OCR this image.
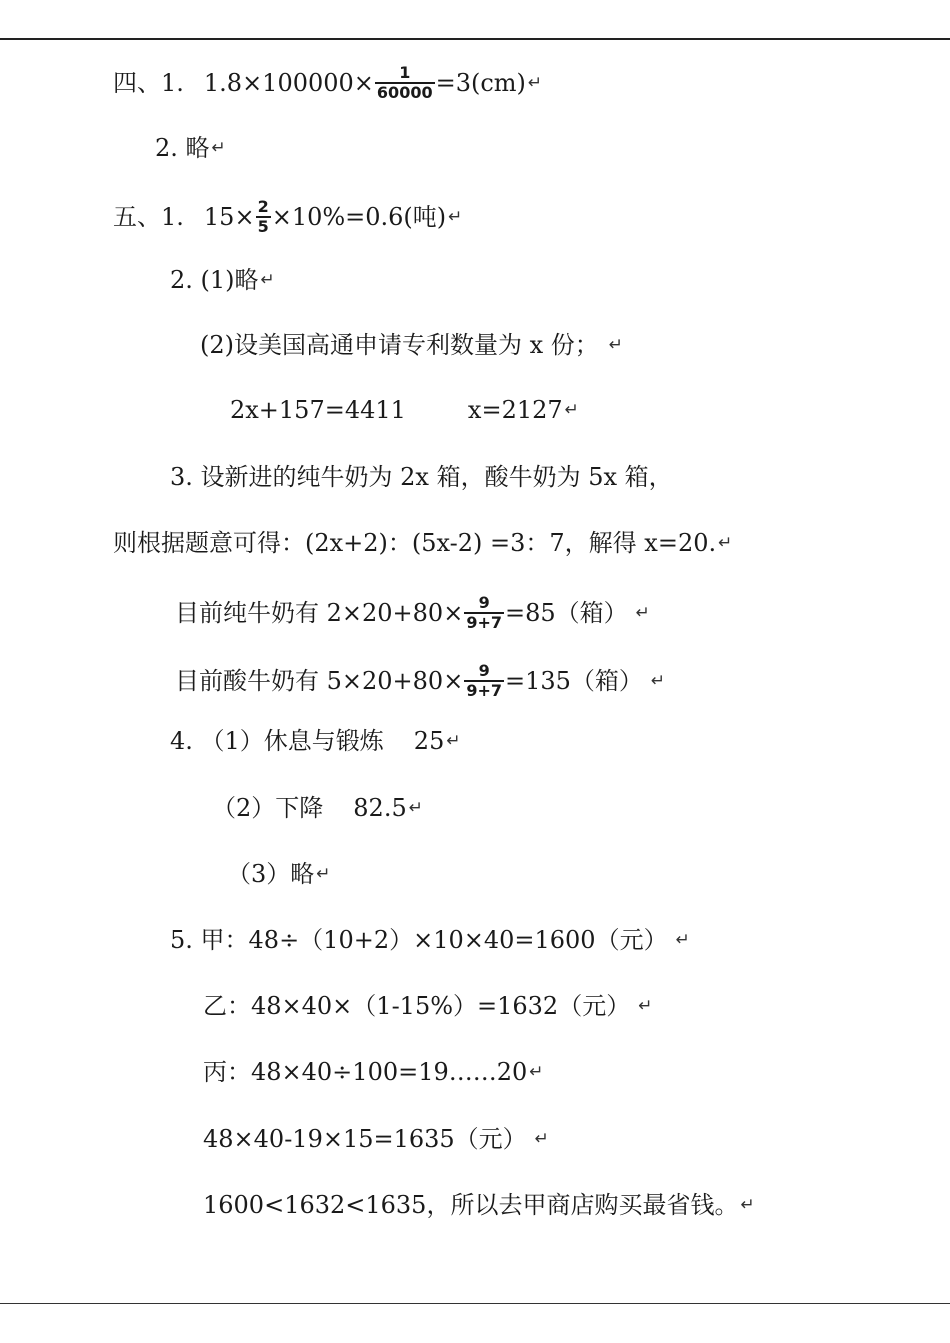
四、1. $1.8\times 100000\times \frac{1}{60000} =3(cm)$ ↵
2. 略 ↵
五、1. $15\times \frac{2}{5} \times 10\%=0.6$(吨) ↵
2. (1)略 ↵
(2)设美国高通申请专利数量为 x 份； ↵
2x+157=4411	x=2127 ↵
3. 设新进的纯牛奶为 2x 箱，酸牛奶为 5x 箱，
则根据题意可得：(2x+2)：(5x-2) =3：7，解得 x=20. ↵
目前纯牛奶有 $2\times 20+80\times \frac{9}{9+7} =85$（箱） ↵
目前酸牛奶有 $5\times 20+80\times \frac{9}{9+7} =135$（箱） ↵
4. （1）休息与锻炼 25 ↵
（2）下降 82.5 ↵
（3）略 ↵
5. 甲：48÷（10+2）×10×40=1600（元） ↵
乙：48×40×（1-15%）=1632（元） ↵
丙：48×40÷100=19……20 ↵
48×40-19×15=1635（元） ↵
1600<1632<1635，所以去甲商店购买最省钱。 ↵
